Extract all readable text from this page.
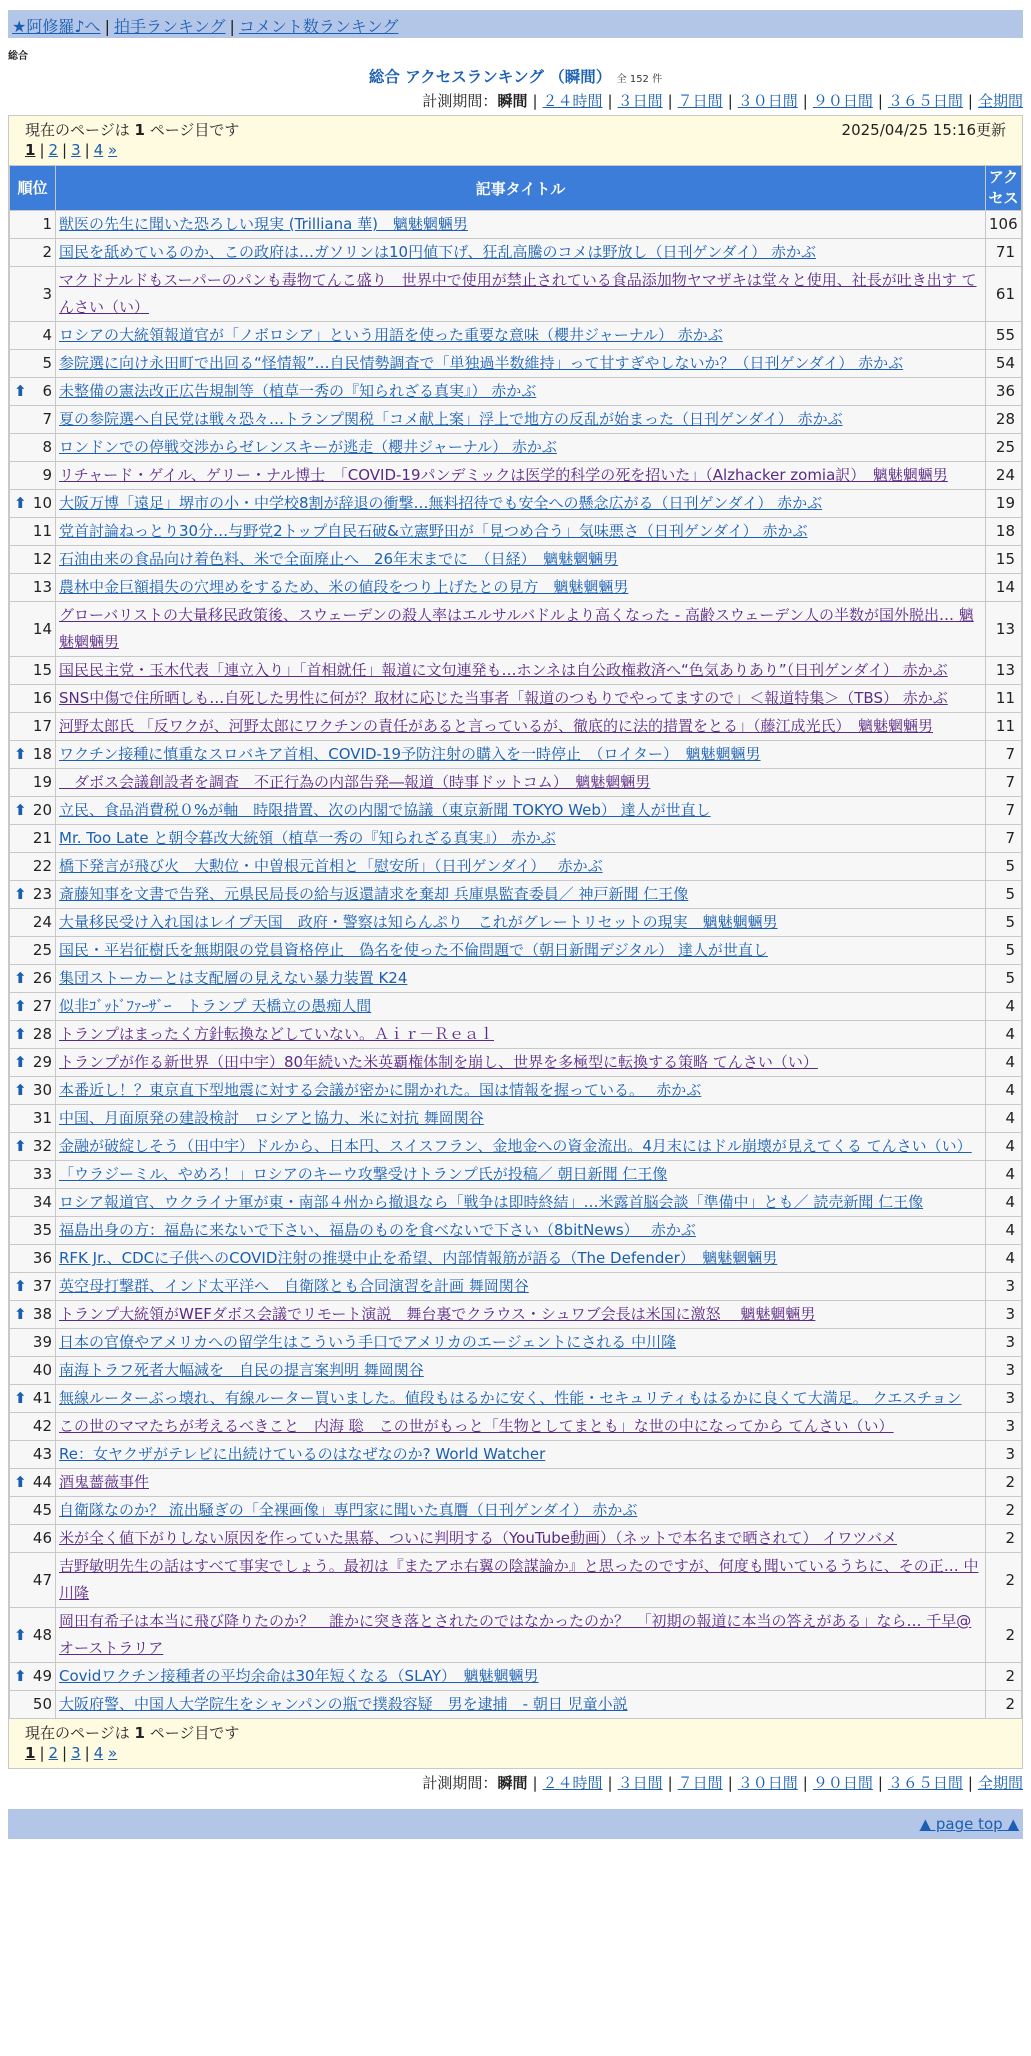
★阿修羅♪へ | 拍手ランキング | コメント数ランキング
総合
総合 アクセスランキング （瞬間） 全 152 件
計測期間：瞬間 | ２４時間 | ３日間 | ７日間 | ３０日間 | ９０日間 | ３６５日間 | 全期間
現在のページは 1 ページ目です	2025/04/25 15:16更新
1 | 2 | 3 | 4 »
順位	記事タイトル	アクセス
1	獣医の先生に聞いた恐ろしい現実 (Trilliana 華)　魑魅魍魎男	106
2	国民を舐めているのか、この政府は…ガソリンは10円値下げ、狂乱高騰のコメは野放し（日刊ゲンダイ） 赤かぶ	71
3	マクドナルドもスーパーのパンも毒物てんこ盛り　世界中で使用が禁止されている食品添加物ヤマザキは堂々と使用、社長が吐き出す てんさい（い）	61
4	ロシアの大統領報道官が「ノボロシア」という用語を使った重要な意味（櫻井ジャーナル） 赤かぶ	55
5	参院選に向け永田町で出回る“怪情報”…自民情勢調査で「単独過半数維持」って甘すぎやしないか？（日刊ゲンダイ） 赤かぶ	54

⬆ 6	未整備の憲法改正広告規制等（植草一秀の『知られざる真実』） 赤かぶ	36
7	夏の参院選へ自民党は戦々恐々…トランプ関税「コメ献上案」浮上で地方の反乱が始まった（日刊ゲンダイ） 赤かぶ	28
8	ロンドンでの停戦交渉からゼレンスキーが逃走（櫻井ジャーナル） 赤かぶ	25
9	リチャード・ゲイル、ゲリー・ナル博士　「COVID-19パンデミックは医学的科学の死を招いた」（Alzhacker zomia訳）　魑魅魍魎男	24

⬆ 10	大阪万博「遠足」堺市の小・中学校8割が辞退の衝撃…無料招待でも安全への懸念広がる（日刊ゲンダイ） 赤かぶ	19
11	党首討論ねっとり30分…与野党2トップ自民石破&立憲野田が「見つめ合う」気味悪さ（日刊ゲンダイ） 赤かぶ	18
12	石油由来の食品向け着色料、米で全面廃止へ　26年末までに　（日経）　魑魅魍魎男	15
13	農林中金巨額損失の穴埋めをするため、米の値段をつり上げたとの見方　魑魅魍魎男	14
14	グローバリストの大量移民政策後、スウェーデンの殺人率はエルサルバドルより高くなった - 高齢スウェーデン人の半数が国外脱出… 魑魅魍魎男	13
15	国民民主党・玉木代表「連立入り」「首相就任」報道に文句連発も…ホンネは自公政権救済へ“色気ありあり”（日刊ゲンダイ） 赤かぶ	13
16	SNS中傷で住所晒しも…自死した男性に何が？取材に応じた当事者「報道のつもりでやってますので」＜報道特集＞（TBS） 赤かぶ	11
17	河野太郎氏 「反ワクが、河野太郎にワクチンの責任があると言っているが、徹底的に法的措置をとる」（藤江成光氏）　魑魅魍魎男	11

⬆ 18	ワクチン接種に慎重なスロバキア首相、COVID-19予防注射の購入を一時停止　（ロイター）　魑魅魍魎男	7
19	　ダボス会議創設者を調査　不正行為の内部告発―報道（時事ドットコム）　魑魅魍魎男	7

⬆ 20	立民、食品消費税０%が軸　時限措置、次の内閣で協議（東京新聞 TOKYO Web） 達人が世直し	7
21	Mr. Too Late と朝令暮改大統領（植草一秀の『知られざる真実』） 赤かぶ	7
22	橋下発言が飛び火　大勲位・中曽根元首相と「慰安所」（日刊ゲンダイ）　 赤かぶ	5

⬆ 23	斎藤知事を文書で告発、元県民局長の給与返還請求を棄却 兵庫県監査委員／ 神戸新聞 仁王像	5
24	大量移民受け入れ国はレイプ天国　政府・警察は知らんぷり　これがグレートリセットの現実　魑魅魍魎男	5
25	国民・平岩征樹氏を無期限の党員資格停止　偽名を使った不倫問題で（朝日新聞デジタル） 達人が世直し	5

⬆ 26	集団ストーカーとは支配層の見えない暴力装置 K24	5

⬆ 27	似非ｺﾞｯﾄﾞﾌｧｰｻﾞｰ　トランプ 天橋立の愚痴人間	4

⬆ 28	トランプはまったく方針転換などしていない。Ａｉｒ－Ｒｅａｌ	4

⬆ 29	トランプが作る新世界（田中宇）80年続いた米英覇権体制を崩し、世界を多極型に転換する策略 てんさい（い）	4

⬆ 30	本番近し！？東京直下型地震に対する会議が密かに開かれた。国は情報を握っている。　 赤かぶ	4
31	中国、月面原発の建設検討　ロシアと協力、米に対抗 舞岡関谷	4

⬆ 32	金融が破綻しそう（田中宇）ドルから、日本円、スイスフラン、金地金への資金流出。4月末にはドル崩壊が見えてくる てんさい（い）	4
33	「ウラジーミル、やめろ！」ロシアのキーウ攻撃受けトランプ氏が投稿／ 朝日新聞 仁王像	4
34	ロシア報道官、ウクライナ軍が東・南部４州から撤退なら「戦争は即時終結」…米露首脳会談「準備中」とも／ 読売新聞 仁王像	4
35	福島出身の方：福島に来ないで下さい、福島のものを食べないで下さい（8bitNews）　 赤かぶ	4
36	RFK Jr.、CDCに子供へのCOVID注射の推奨中止を希望、内部情報筋が語る（The Defender）　魑魅魍魎男	4

⬆ 37	英空母打撃群、インド太平洋へ　自衛隊とも合同演習を計画 舞岡関谷	3

⬆ 38	トランプ大統領がWEFダボス会議でリモート演説　舞台裏でクラウス・シュワブ会長は米国に激怒　 魑魅魍魎男	3
39	日本の官僚やアメリカへの留学生はこういう手口でアメリカのエージェントにされる 中川隆	3
40	南海トラフ死者大幅減を　自民の提言案判明 舞岡関谷	3

⬆ 41	無線ルーターぶっ壊れ、有線ルーター買いました。値段もはるかに安く、性能・セキュリティもはるかに良くて大満足。 クエスチョン	3
42	この世のママたちが考えるべきこと　内海 聡　この世がもっと「生物としてまとも」な世の中になってから てんさい（い）	3
43	Re：女ヤクザがテレビに出続けているのはなぜなのか? World Watcher	3

⬆ 44	酒鬼薔薇事件	2
45	自衛隊なのか？ 流出騒ぎの「全裸画像」専門家に聞いた真贋（日刊ゲンダイ） 赤かぶ	2
46	米が全く値下がりしない原因を作っていた黒幕、ついに判明する（YouTube動画）（ネットで本名まで晒されて） イワツバメ	2
47	吉野敏明先生の話はすべて事実でしょう。最初は『またアホ右翼の陰謀論か』と思ったのですが、何度も聞いているうちに、その正… 中川隆	2

⬆ 48	岡田有希子は本当に飛び降りたのか？　誰かに突き落とされたのではなかったのか？　「初期の報道に本当の答えがある」なら… 千早@オーストラリア	2

⬆ 49	Covidワクチン接種者の平均余命は30年短くなる（SLAY）　魑魅魍魎男	2
50	大阪府警、中国人大学院生をシャンパンの瓶で撲殺容疑　男を逮捕　- 朝日 児童小説	2
現在のページは 1 ページ目です
1 | 2 | 3 | 4 »
計測期間：瞬間 | ２４時間 | ３日間 | ７日間 | ３０日間 | ９０日間 | ３６５日間 | 全期間
▲ page top ▲
